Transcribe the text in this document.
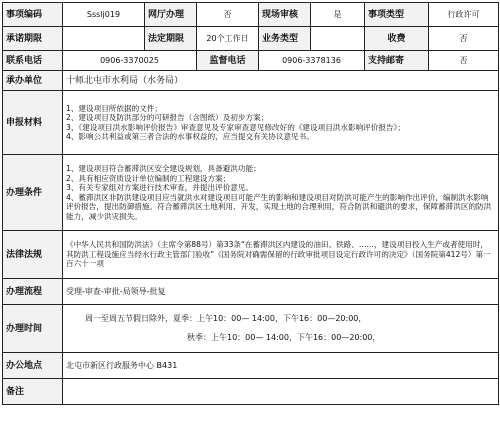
事项编码	Ssslj019	网厅办理	否	现场审核	是	事项类型	行政许可
承诺期限		法定期限	20个工作日	业务类型		收费	否
联系电话	0906-3370025		监督电话	0906-3378136		支持邮寄	否
承办单位	十师北屯市水利局（水务局）						
申报材料	1、建设项目所依据的文件；
2、建设项目及防洪部分的可研报告（含图纸）及初步方案；
3、《建设项目洪水影响评价报告》审查意见及专家审查意见修改好的《建设项目洪水影响评价报告》；
4、影响公共利益或第三者合法的水事权益的，应当提交有关协议意见书。						
办理条件	1、建设项目符合蓄滞洪区安全建设规划，具备避洪功能；
2、具有相应资质设计单位编制的工程建设方案；
3、有关专家组对方案进行技术审查，并提出评价意见。
4、蓄滞洪区非防洪建设项目应当就洪水对建设项目可能产生的影响和建设项目对防洪可能产生的影响作出评价，编制洪水影响评价报告，提出防御措施。符合蓄滞洪区土地利用、开发，实现土地的合理利用，符合防洪和避洪的要求，保障蓄滞洪区的防洪能力，减少洪灾损失。						
法律法规	《中华人民共和国防洪法》（主席令第88号）第33条“在蓄滞洪区内建设的油田、铁路、……，建设项目投入生产或者使用时，其防洪工程设施应当经水行政主管部门验收”《国务院对确需保留的行政审批项目设定行政许可的决定》（国务院第412号）第一百六十一项						
办理流程	受理-审查-审批-局领导-批复						
办理时间	周一至周五节假日除外，夏季：上午10：00— 14:00，下午16：00—20:00，
秋季：上午10：00— 14:00，下午16：00—20:00，						

办公地点	北屯市新区行政服务中心 B431						
备注							
